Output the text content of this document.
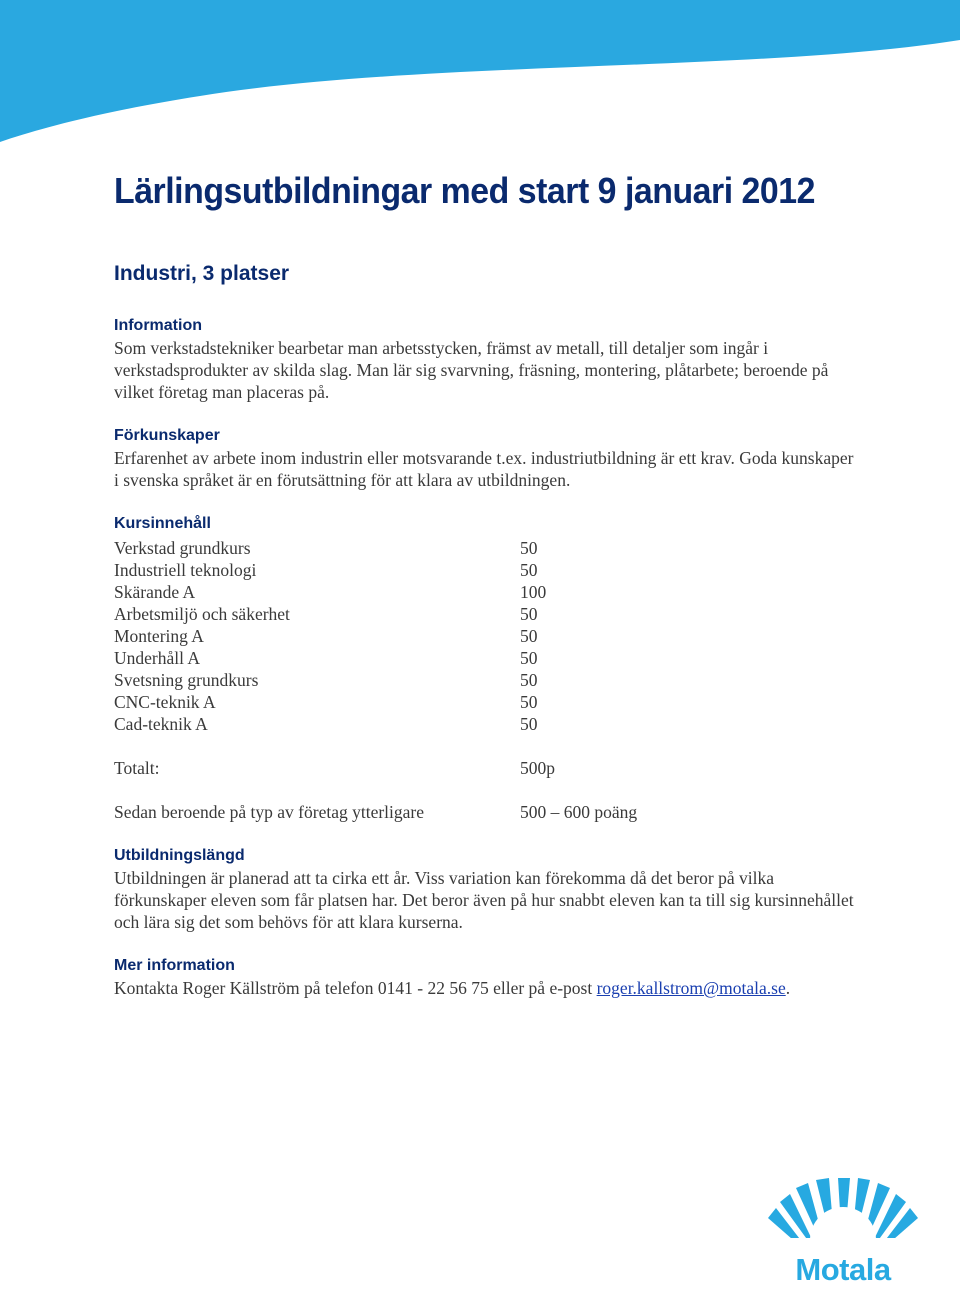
Lärlingsutbildningar med start 9 januari 2012
Industri, 3 platser
Information

Som verkstadstekniker bearbetar man arbetsstycken, främst av metall, till detaljer som ingår i verkstadsprodukter av skilda slag. Man lär sig svarvning, fräsning, montering, plåtarbete; beroende på vilket företag man placeras på.

Förkunskaper

Erfarenhet av arbete inom industrin eller motsvarande t.ex. industriutbildning är ett krav. Goda kunskaper i svenska språket är en förutsättning för att klara av utbildningen.

Kursinnehåll
Verkstad grundkurs	50
Industriell teknologi	50
Skärande A	100
Arbetsmiljö och säkerhet	50
Montering A	50
Underhåll A	50
Svetsning grundkurs	50
CNC-teknik A	50
Cad-teknik A	50
Totalt:	500p
Sedan beroende på typ av företag ytterligare	500 – 600 poäng
Utbildningslängd

Utbildningen är planerad att ta cirka ett år. Viss variation kan förekomma då det beror på vilka förkunskaper eleven som får platsen har. Det beror även på hur snabbt eleven kan ta till sig kursinnehållet och lära sig det som behövs för att klara kurserna.

Mer information

Kontakta Roger Källström på telefon 0141 - 22 56 75 eller på e-post roger.kallstrom@motala.se.

Motala
